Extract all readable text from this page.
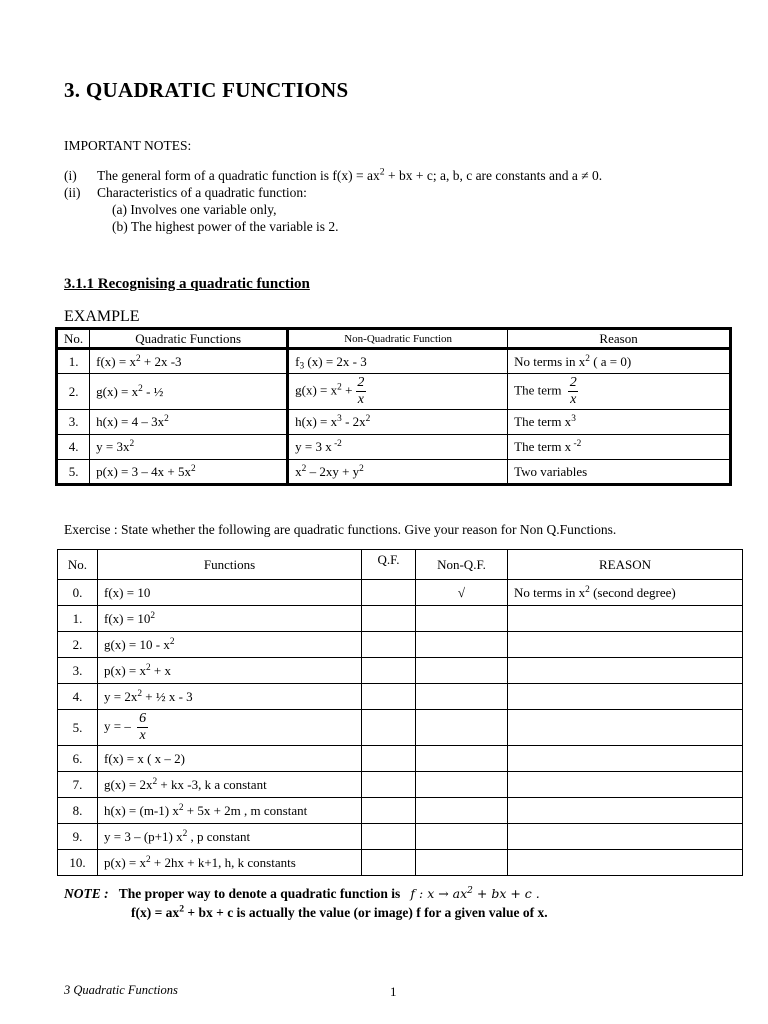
3. QUADRATIC FUNCTIONS
IMPORTANT NOTES:
(i) The general form of a quadratic function is $f(x) = ax^2$ + bx + c; a, b, c are constants and a ≠ 0.
(ii) Characteristics of a quadratic function:
(a) Involves one variable only,
(b) The highest power of the variable is 2.
3.1.1 Recognising a quadratic function
EXAMPLE
No.	Quadratic Functions	Non-Quadratic Function	Reason
1.	$f(x) = x^2 + 2x$ -3	$f_3$ (x) = 2x - 3	No terms in $x^2$ ( a = 0)
2.	$g(x) = x^2$ - ½	$g(x) = x^2 + \frac{2}{x}$	The term $\frac{2}{x}$

3.	$h(x) = 4 - 3x^2$	$h(x) = x^3 - 2x^2$	The term $x^3$
4.	$y = 3x^2$	y = 3 x $^{-2}$	The term x $^{-2}$
5.	$p(x) = 3 - 4x + 5x^2$	$x^2 - 2xy + y^2$	Two variables
Exercise : State whether the following are quadratic functions. Give your reason for Non Q.Functions.
No.	Functions	Q.F.	Non-Q.F.	REASON
0.	f(x) = 10		√	No terms in $x^2$ (second degree)
1.	$f(x) = 10^2$			
2.	$g(x) = 10 - x^2$			
3.	$p(x) = x^2 + x$			
4.	$y = 2x^2$ + ½ x - 3			
5.	y = – $\frac{6}{x}$

6.	f(x) = x ( x – 2)			
7.	$g(x) = 2x^2$ + kx -3, k a constant			
8.	h(x) = (m-1) $x^2 + 5x + 2m$ , m constant			
9.	y = 3 – (p+1) $x^2$ , p constant			
10.	$p(x) = x^2 + 2hx + k+1$, h, k constants			
NOTE : The proper way to denote a quadratic function is f : $x \to ax^2$ + bx + c .
$f(x) = ax^2$ + bx + c is actually the value (or image) f for a given value of x.
3 Quadratic Functions	1
